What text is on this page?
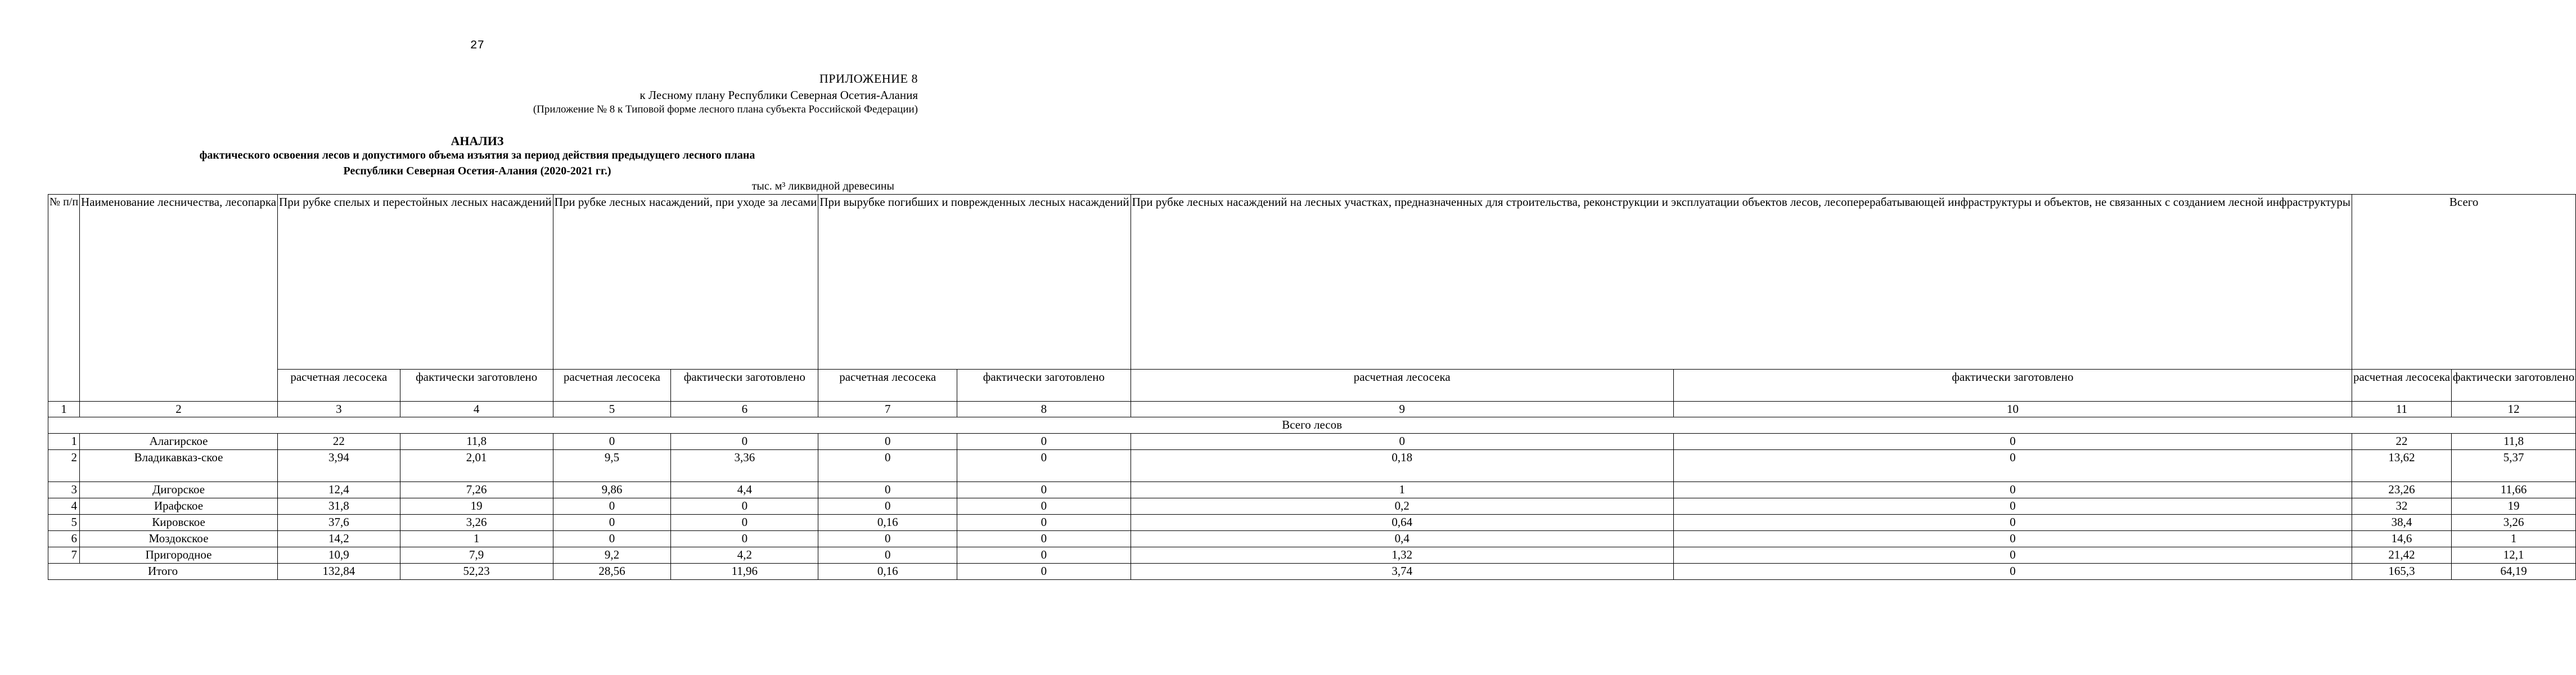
27
ПРИЛОЖЕНИЕ 8
к Лесному плану Республики Северная Осетия-Алания
(Приложение № 8 к Типовой форме лесного плана субъекта Российской Федерации)
АНАЛИЗ
фактического освоения лесов и допустимого объема изъятия за период действия предыдущего лесного плана
Республики Северная Осетия-Алания (2020-2021 гг.)
тыс. м³ ликвидной древесины
№ п/п	Наименование лесничества, лесопарка	При рубке спелых и перестойных лесных насаждений		При рубке лесных насаждений, при уходе за лесами		При вырубке погибших и поврежденных лесных насаждений		При рубке лесных насаждений на лесных участках, предназначенных для строительства, реконструкции и эксплуатации объектов лесов, лесоперерабатывающей инфраструктуры и объектов, не связанных с созданием лесной инфраструктуры		Всего	
		расчетная лесосека	фактически заготовлено	расчетная лесосека	фактически заготовлено	расчетная лесосека	фактически заготовлено	расчетная лесосека	фактически заготовлено	расчетная лесосека	фактически заготовлено
1	2	3	4	5	6	7	8	9	10	11	12
Всего лесов											
1	Алагирское	22	11,8	0	0	0	0	0	0	22	11,8
2	Владикавказ-ское	3,94	2,01	9,5	3,36	0	0	0,18	0	13,62	5,37
3	Дигорское	12,4	7,26	9,86	4,4	0	0	1	0	23,26	11,66
4	Ирафское	31,8	19	0	0	0	0	0,2	0	32	19
5	Кировское	37,6	3,26	0	0	0,16	0	0,64	0	38,4	3,26
6	Моздокское	14,2	1	0	0	0	0	0,4	0	14,6	1
7	Пригородное	10,9	7,9	9,2	4,2	0	0	1,32	0	21,42	12,1
Итого		132,84	52,23	28,56	11,96	0,16	0	3,74	0	165,3	64,19
